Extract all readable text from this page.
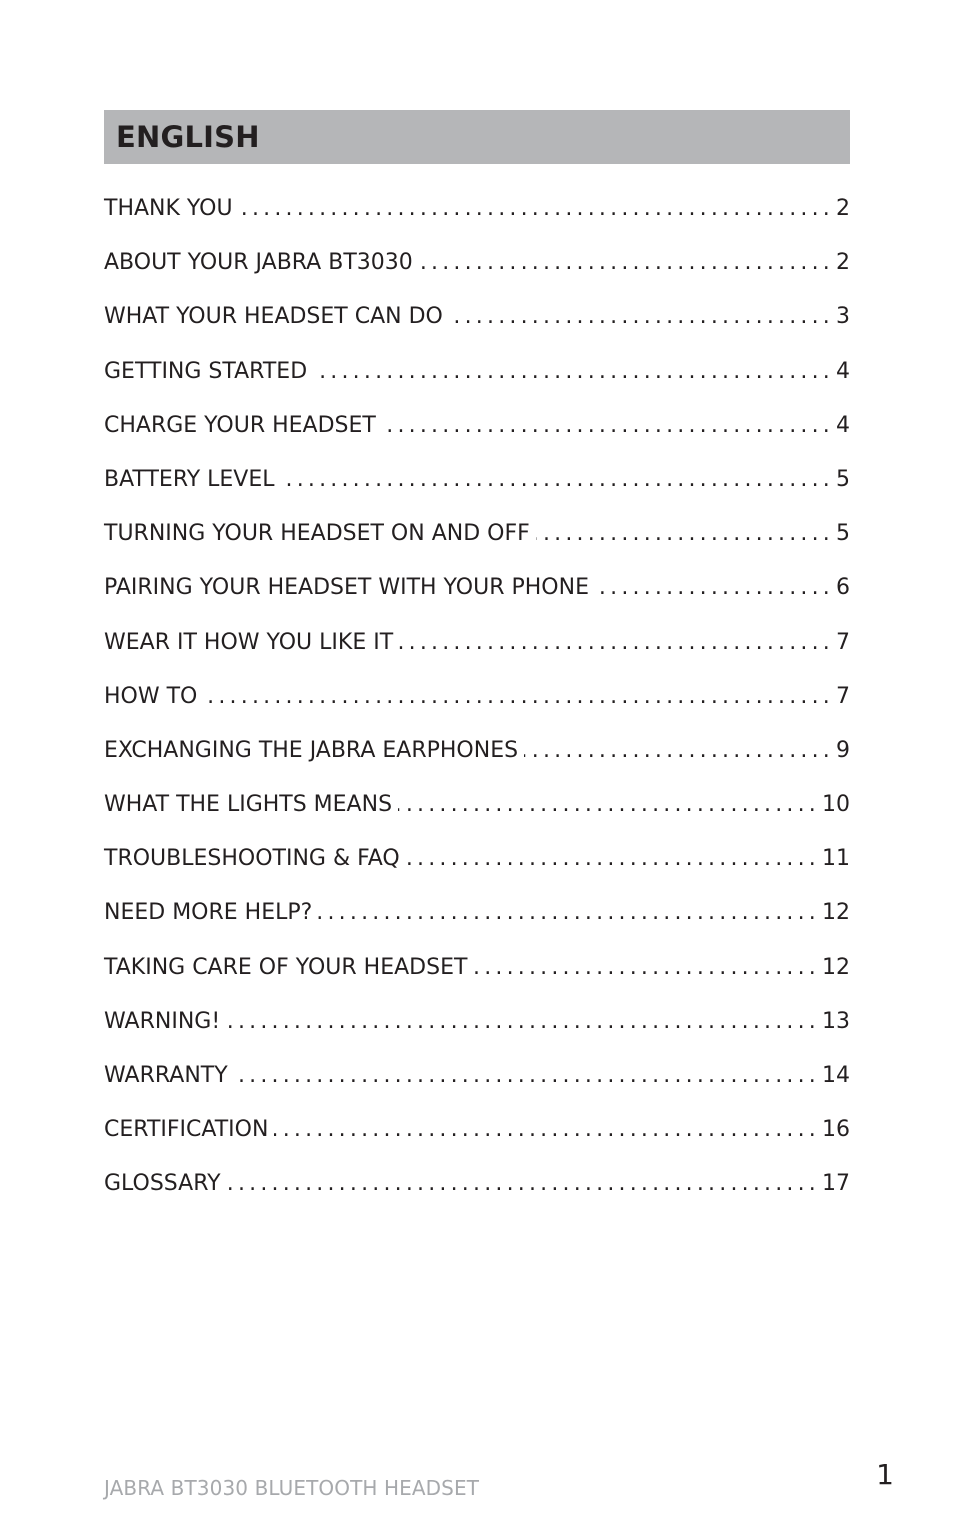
ENGLISH
THANK YOU .....	2
ABOUT YOUR JABRA BT3030 .....	2
WHAT YOUR HEADSET CAN DO .....	3
GETTING STARTED .....	4
CHARGE YOUR HEADSET .....	4
BATTERY LEVEL .....	5
TURNING YOUR HEADSET ON AND OFF .....	5
PAIRING YOUR HEADSET WITH YOUR PHONE .....	6
WEAR IT HOW YOU LIKE IT .....	7
HOW TO .....	7
EXCHANGING THE JABRA EARPHONES .....	9
WHAT THE LIGHTS MEANS .....	10
TROUBLESHOOTING & FAQ .....	11
NEED MORE HELP? .....	12
TAKING CARE OF YOUR HEADSET .....	12
WARNING! .....	13
WARRANTY .....	14
CERTIFICATION .....	16
GLOSSARY .....	17
JABRA BT3030 BLUETOOTH HEADSET	1
